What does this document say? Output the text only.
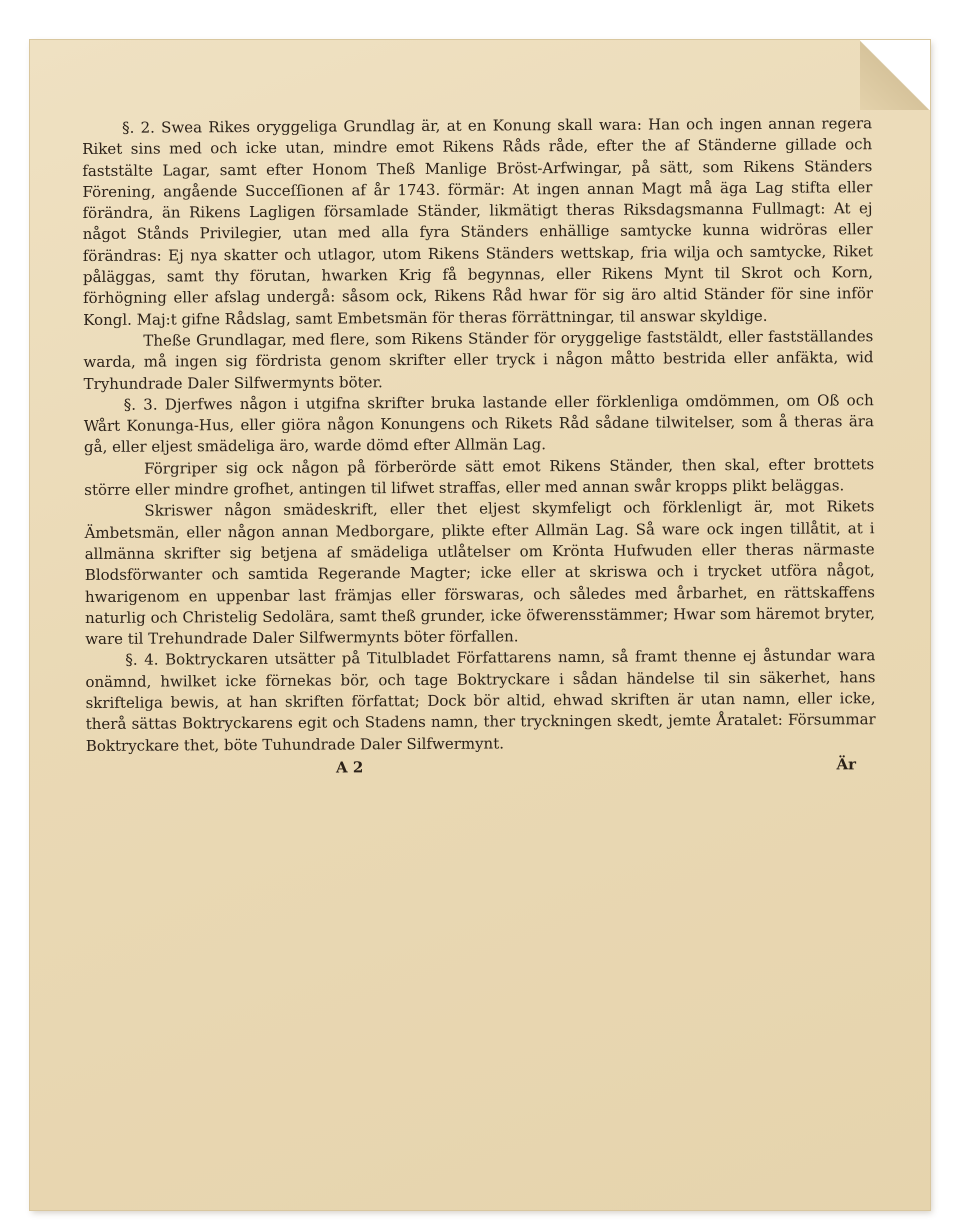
§. 2. Swea Rikes oryggeliga Grundlag är, at en Konung skall wara: Han och ingen annan regera Riket sins med och icke utan, mindre emot Rikens Råds råde, efter the af Ständerne gillade och faststälte Lagar, samt efter Honom Theß Manlige Bröst-Arfwingar, på sätt, som Rikens Ständers Förening, angående Succeſſionen af år 1743. förmär: At ingen annan Magt må äga Lag stifta eller förändra, än Rikens Lagligen församlade Ständer, likmätigt theras Riksdagsmanna Fullmagt: At ej något Stånds Privilegier, utan med alla fyra Ständers enhällige samtycke kunna widröras eller förändras: Ej nya skatter och utlagor, utom Rikens Ständers wettskap, fria wilja och samtycke, Riket påläggas, samt thy förutan, hwarken Krig få begynnas, eller Rikens Mynt til Skrot och Korn, förhögning eller afslag undergå: såsom ock, Rikens Råd hwar för sig äro altid Ständer för sine inför Kongl. Maj:t gifne Rådslag, samt Embetsmän för theras förrättningar, til answar skyldige.

Theße Grundlagar, med flere, som Rikens Ständer för oryggelige faststäldt, eller fastställandes warda, må ingen sig fördrista genom skrifter eller tryck i någon måtto bestrida eller anfäkta, wid Tryhundrade Daler Silfwermynts böter.

§. 3. Djerfwes någon i utgifna skrifter bruka lastande eller förklenliga omdömmen, om Oß och Wårt Konunga-Hus, eller giöra någon Konungens och Rikets Råd sådane tilwitelser, som å theras ära gå, eller eljest smädeliga äro, warde dömd efter Allmän Lag.

Förgriper sig ock någon på förberörde sätt emot Rikens Ständer, then skal, efter brottets större eller mindre grofhet, antingen til lifwet straffas, eller med annan swår kropps plikt beläggas.

Skriswer någon smädeskrift, eller thet eljest skymfeligt och förklenligt är, mot Rikets Ämbetsmän, eller någon annan Medborgare, plikte efter Allmän Lag. Så ware ock ingen tillåtit, at i allmänna skrifter sig betjena af smädeliga utlåtelser om Krönta Hufwuden eller theras närmaste Blodsförwanter och samtida Regerande Magter; icke eller at skriswa och i trycket utföra något, hwarigenom en uppenbar last främjas eller förswaras, och således med årbarhet, en rättskaffens naturlig och Christelig Sedolära, samt theß grunder, icke öfwerensstämmer; Hwar som häremot bryter, ware til Trehundrade Daler Silfwermynts böter förfallen.

§. 4. Boktryckaren utsätter på Titulbladet Författarens namn, så framt thenne ej åstundar wara onämnd, hwilket icke förnekas bör, och tage Boktryckare i sådan händelse til sin säkerhet, hans skrifteliga bewis, at han skriften författat; Dock bör altid, ehwad skriften är utan namn, eller icke, therå sättas Boktryckarens egit och Stadens namn, ther tryckningen skedt, jemte Åratalet: Försummar Boktryckare thet, böte Tuhundrade Daler Silfwermynt.

A 2	Är
